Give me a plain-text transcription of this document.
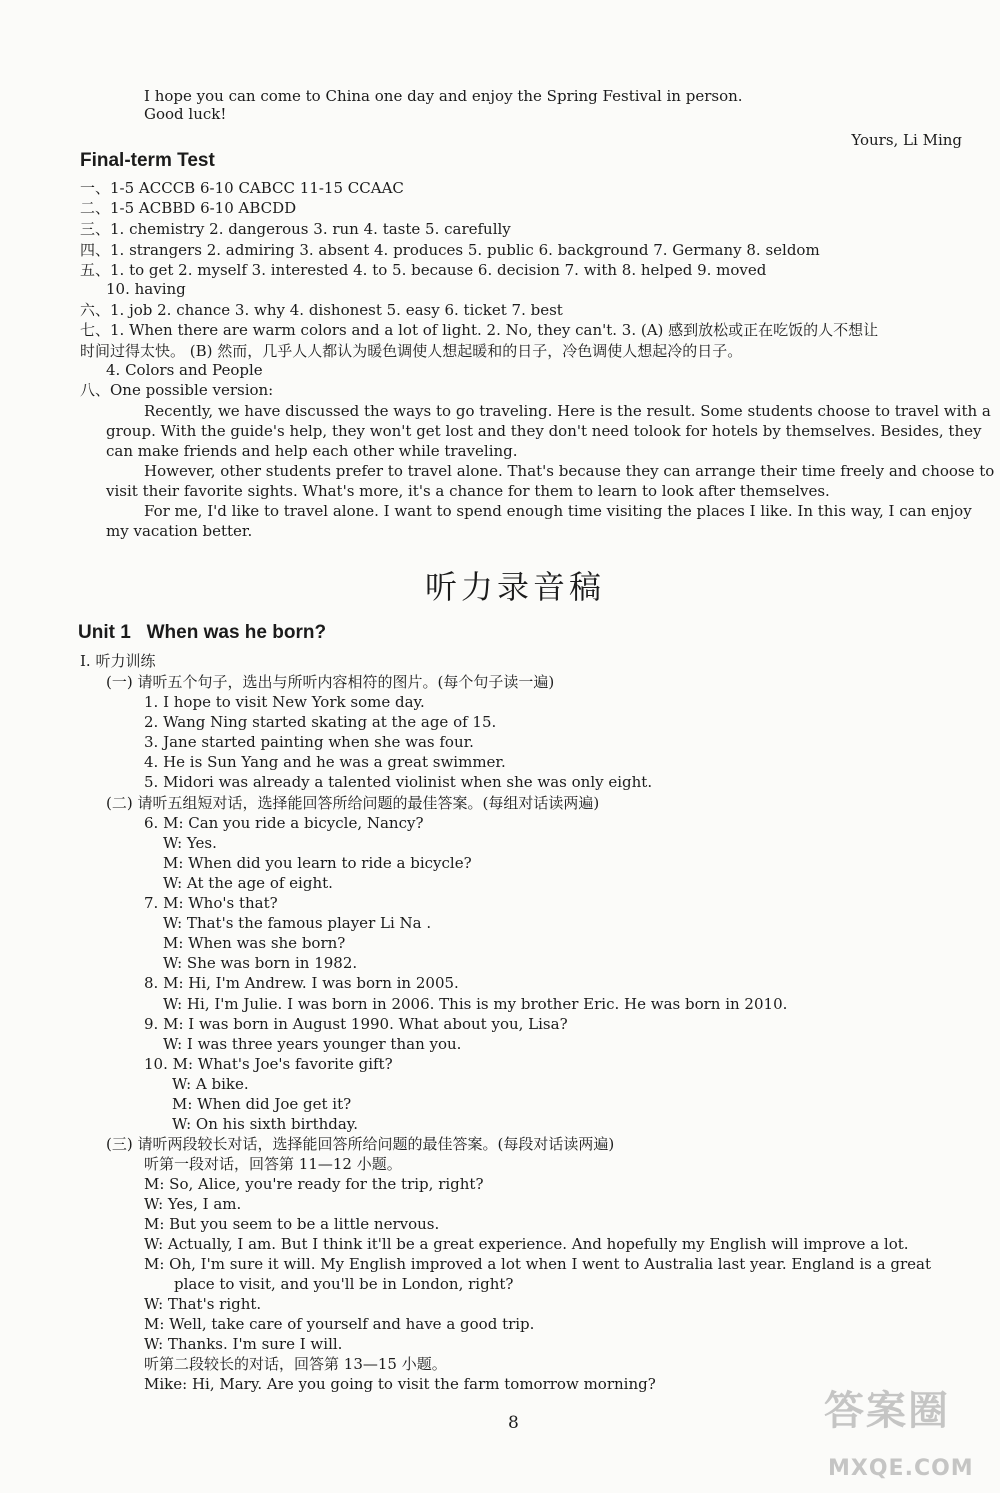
I hope you can come to China one day and enjoy the Spring Festival in person.
Good luck!
Yours, Li Ming
Final-term Test
一、1-5 ACCCB 6-10 CABCC 11-15 CCAAC
二、1-5 ACBBD 6-10 ABCDD
三、1. chemistry 2. dangerous 3. run 4. taste 5. carefully
四、1. strangers 2. admiring 3. absent 4. produces 5. public 6. background 7. Germany 8. seldom
五、1. to get 2. myself 3. interested 4. to 5. because 6. decision 7. with 8. helped 9. moved
10. having
六、1. job 2. chance 3. why 4. dishonest 5. easy 6. ticket 7. best
七、1. When there are warm colors and a lot of light. 2. No, they can't. 3. (A) 感到放松或正在吃饭的人不想让
时间过得太快。 (B) 然而，几乎人人都认为暖色调使人想起暖和的日子，冷色调使人想起冷的日子。
4. Colors and People
八、One possible version:
Recently, we have discussed the ways to go traveling. Here is the result. Some students choose to travel with a
group. With the guide's help, they won't get lost and they don't need tolook for hotels by themselves. Besides, they
can make friends and help each other while traveling.
However, other students prefer to travel alone. That's because they can arrange their time freely and choose to
visit their favorite sights. What's more, it's a chance for them to learn to look after themselves.
For me, I'd like to travel alone. I want to spend enough time visiting the places I like. In this way, I can enjoy
my vacation better.
听力录音稿
Unit 1   When was he born?
Ⅰ. 听力训练
(一) 请听五个句子，选出与所听内容相符的图片。(每个句子读一遍)
1. I hope to visit New York some day.
2. Wang Ning started skating at the age of 15.
3. Jane started painting when she was four.
4. He is Sun Yang and he was a great swimmer.
5. Midori was already a talented violinist when she was only eight.
(二) 请听五组短对话，选择能回答所给问题的最佳答案。(每组对话读两遍)
6. M: Can you ride a bicycle, Nancy?
W: Yes.
M: When did you learn to ride a bicycle?
W: At the age of eight.
7. M: Who's that?
W: That's the famous player Li Na .
M: When was she born?
W: She was born in 1982.
8. M: Hi, I'm Andrew. I was born in 2005.
W: Hi, I'm Julie. I was born in 2006. This is my brother Eric. He was born in 2010.
9. M: I was born in August 1990. What about you, Lisa?
W: I was three years younger than you.
10. M: What's Joe's favorite gift?
W: A bike.
M: When did Joe get it?
W: On his sixth birthday.
(三) 请听两段较长对话，选择能回答所给问题的最佳答案。(每段对话读两遍)
听第一段对话，回答第 11—12 小题。
M: So, Alice, you're ready for the trip, right?
W: Yes, I am.
M: But you seem to be a little nervous.
W: Actually, I am. But I think it'll be a great experience. And hopefully my English will improve a lot.
M: Oh, I'm sure it will. My English improved a lot when I went to Australia last year. England is a great
place to visit, and you'll be in London, right?
W: That's right.
M: Well, take care of yourself and have a good trip.
W: Thanks. I'm sure I will.
听第二段较长的对话，回答第 13—15 小题。
Mike: Hi, Mary. Are you going to visit the farm tomorrow morning?
8	答案圈
MXQE.COM
